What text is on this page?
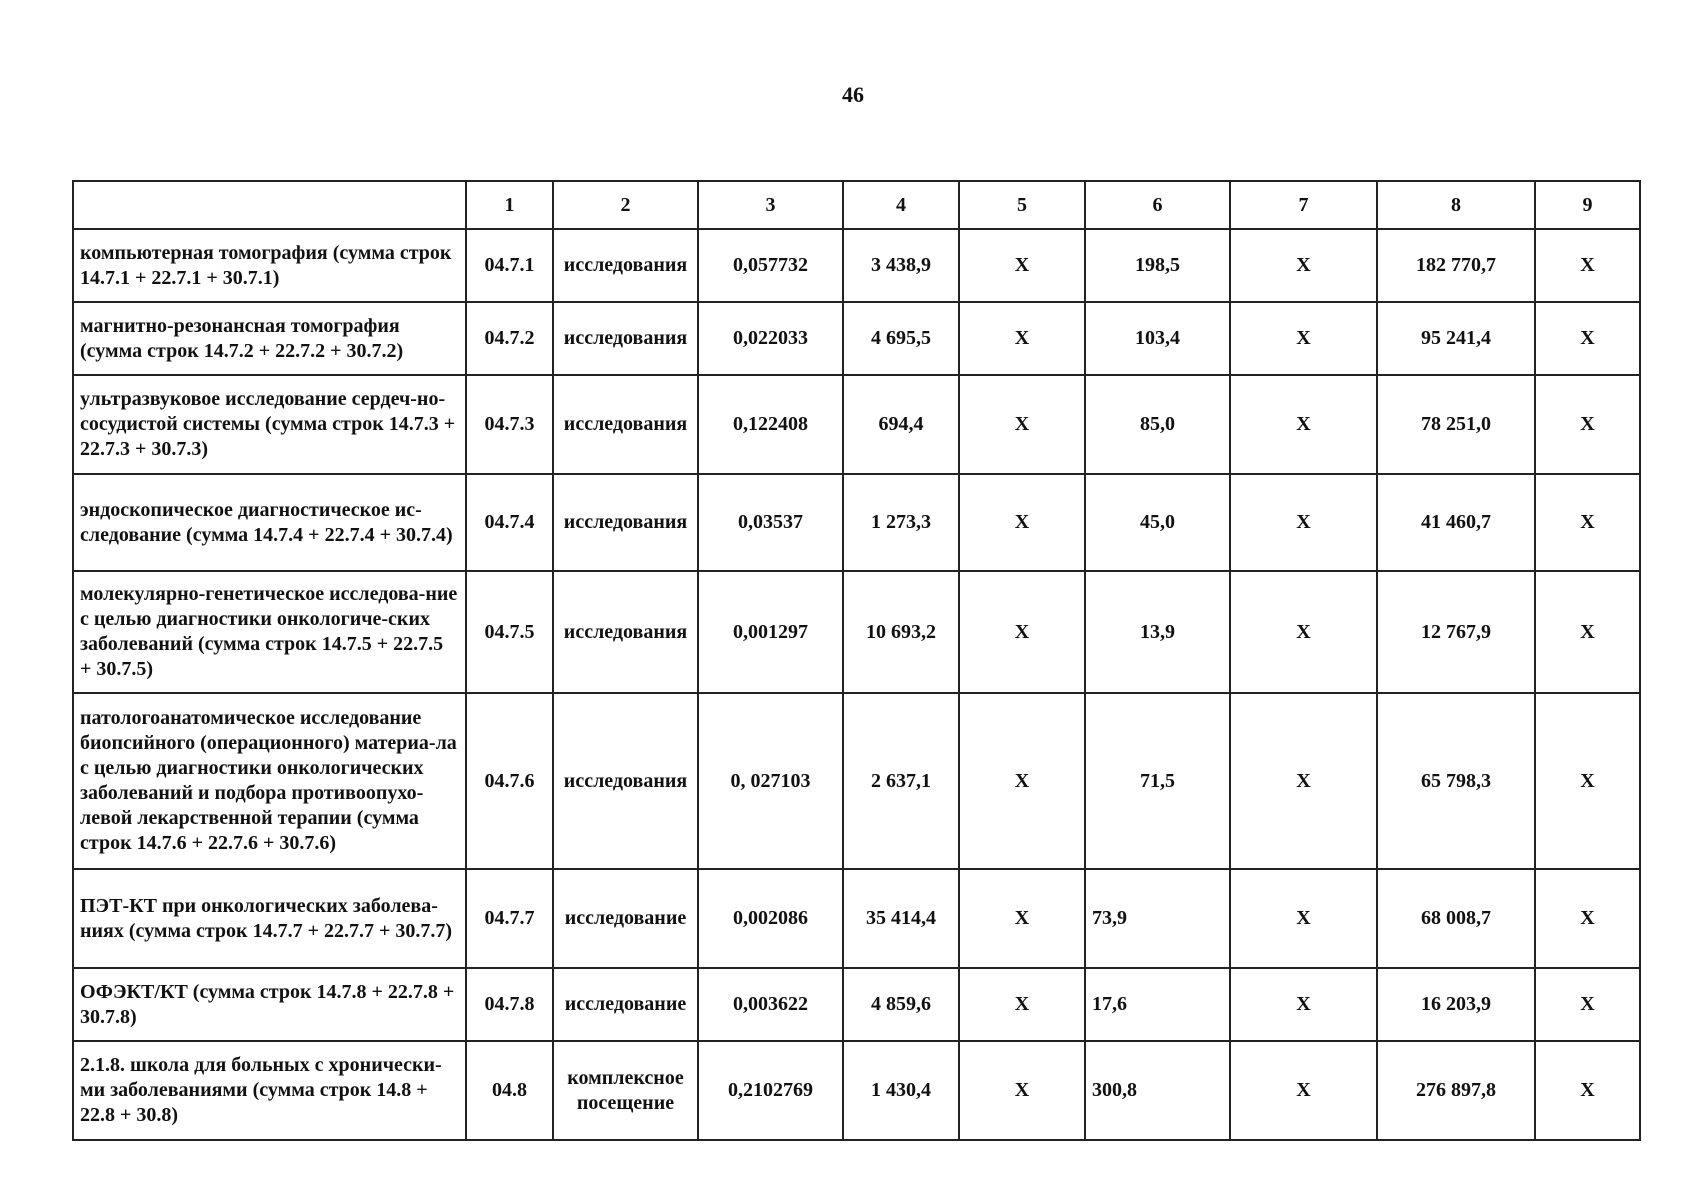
46
	1	2	3	4	5	6	7	8	9
компьютерная томография (сумма строк 14.7.1 + 22.7.1 + 30.7.1)	04.7.1	исследования	0,057732	3 438,9	Х	198,5	Х	182 770,7	Х
магнитно-резонансная томография (сумма строк 14.7.2 + 22.7.2 + 30.7.2)	04.7.2	исследования	0,022033	4 695,5	Х	103,4	Х	95 241,4	Х
ультразвуковое исследование сердеч-но-сосудистой системы (сумма строк 14.7.3 + 22.7.3 + 30.7.3)	04.7.3	исследования	0,122408	694,4	Х	85,0	Х	78 251,0	Х
эндоскопическое диагностическое ис-следование (сумма 14.7.4 + 22.7.4 + 30.7.4)	04.7.4	исследования	0,03537	1 273,3	Х	45,0	Х	41 460,7	Х
молекулярно-генетическое исследова-ние с целью диагностики онкологиче-ских заболеваний (сумма строк 14.7.5 + 22.7.5 + 30.7.5)	04.7.5	исследования	0,001297	10 693,2	Х	13,9	Х	12 767,9	Х
патологоанатомическое исследование биопсийного (операционного) материа-ла с целью диагностики онкологических заболеваний и подбора противоопухо-левой лекарственной терапии (сумма строк 14.7.6 + 22.7.6 + 30.7.6)	04.7.6	исследования	0, 027103	2 637,1	Х	71,5	Х	65 798,3	Х
ПЭТ-КТ при онкологических заболева-ниях (сумма строк 14.7.7 + 22.7.7 + 30.7.7)	04.7.7	исследование	0,002086	35 414,4	Х	73,9	Х	68 008,7	Х
ОФЭКТ/КТ (сумма строк 14.7.8 + 22.7.8 + 30.7.8)	04.7.8	исследование	0,003622	4 859,6	Х	17,6	Х	16 203,9	Х
2.1.8. школа для больных с хронически-ми заболеваниями (сумма строк 14.8 + 22.8 + 30.8)	04.8	комплексное посещение	0,2102769	1 430,4	Х	300,8	Х	276 897,8	Х
